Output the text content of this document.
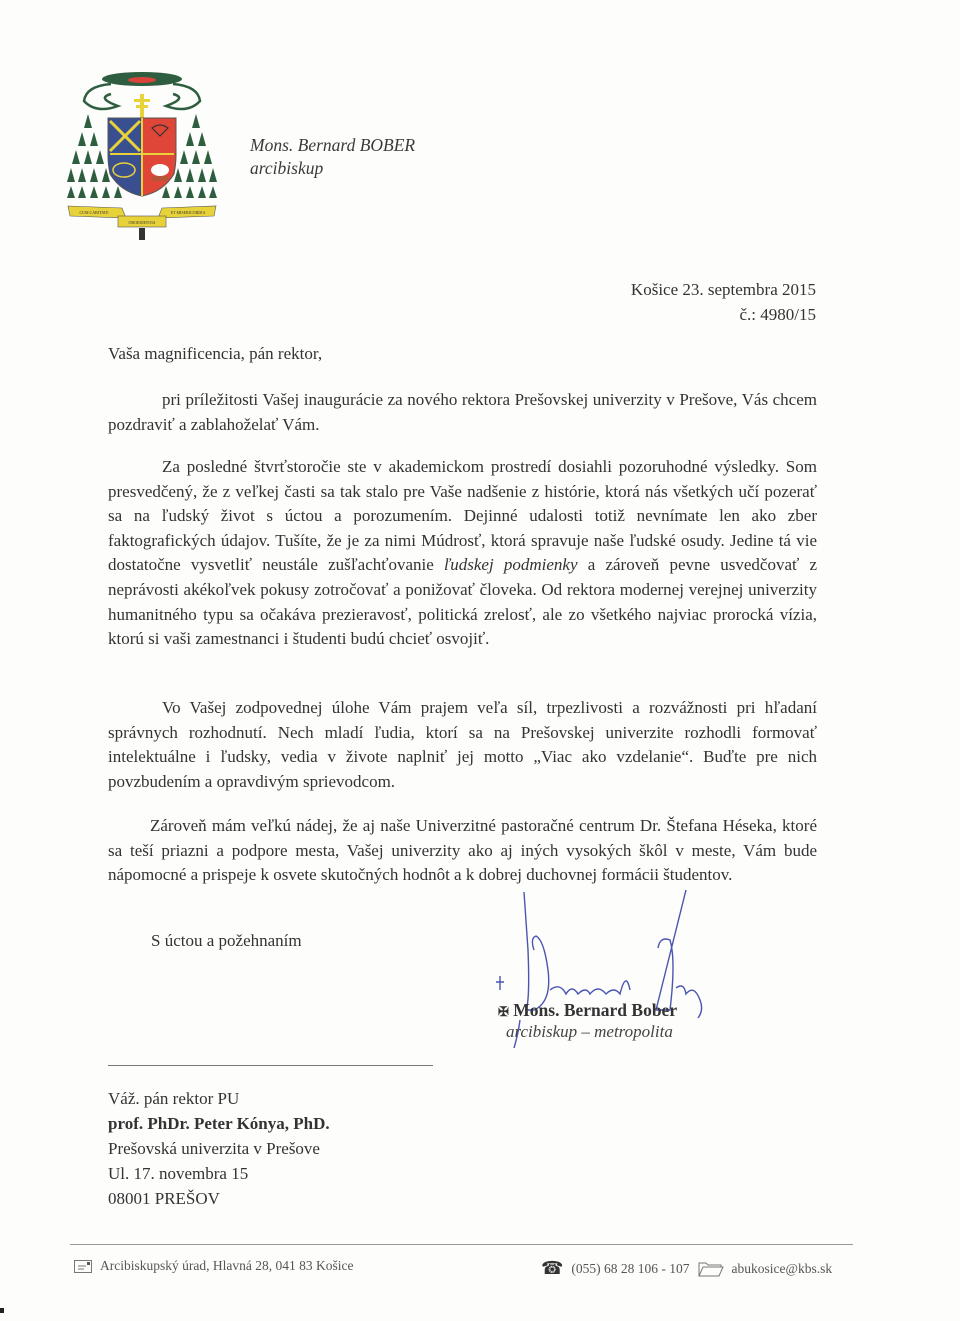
CUM CARITATE
OBOEDIENTIA
ET MISERICORDIA
Mons. Bernard BOBER
arcibiskup
Košice 23. septembra 2015
č.: 4980/15
Vaša magnificencia, pán rektor,

pri príležitosti Vašej inaugurácie za nového rektora Prešovskej univerzity v Prešove, Vás chcem pozdraviť a zablahoželať Vám.

Za posledné štvrťstoročie ste v akademickom prostredí dosiahli pozoruhodné výsledky. Som presvedčený, že z veľkej časti sa tak stalo pre Vaše nadšenie z histórie, ktorá nás všetkých učí pozerať sa na ľudský život s úctou a porozumením. Dejinné udalosti totiž nevnímate len ako zber faktografických údajov. Tušíte, že je za nimi Múdrosť, ktorá spravuje naše ľudské osudy. Jedine tá vie dostatočne vysvetliť neustále zušľachťovanie ľudskej podmienky a zároveň pevne usvedčovať z neprávosti akékoľvek pokusy zotročovať a ponižovať človeka. Od rektora modernej verejnej univerzity humanitného typu sa očakáva prezieravosť, politická zrelosť, ale zo všetkého najviac prorocká vízia, ktorú si vaši zamestnanci i študenti budú chcieť osvojiť.

Vo Vašej zodpovednej úlohe Vám prajem veľa síl, trpezlivosti a rozvážnosti pri hľadaní správnych rozhodnutí. Nech mladí ľudia, ktorí sa na Prešovskej univerzite rozhodli formovať intelektuálne i ľudsky, vedia v živote naplniť jej motto „Viac ako vzdelanie“. Buďte pre nich povzbudením a opravdivým sprievodcom.

Zároveň mám veľkú nádej, že aj naše Univerzitné pastoračné centrum Dr. Štefana Héseka, ktoré sa teší priazni a podpore mesta, Vašej univerzity ako aj iných vysokých škôl v meste, Vám bude nápomocné a prispeje k osvete skutočných hodnôt a k dobrej duchovnej formácii študentov.

S úctou a požehnaním
✠ Mons. Bernard Bober
arcibiskup – metropolita
Váž. pán rektor PU
prof. PhDr. Peter Kónya, PhD.
Prešovská univerzita v Prešove
Ul. 17. novembra 15
08001 PREŠOV
Arcibiskupský úrad, Hlavná 28, 041 83 Košice	☎ (055) 68 28 106 - 107	abukosice@kbs.sk
